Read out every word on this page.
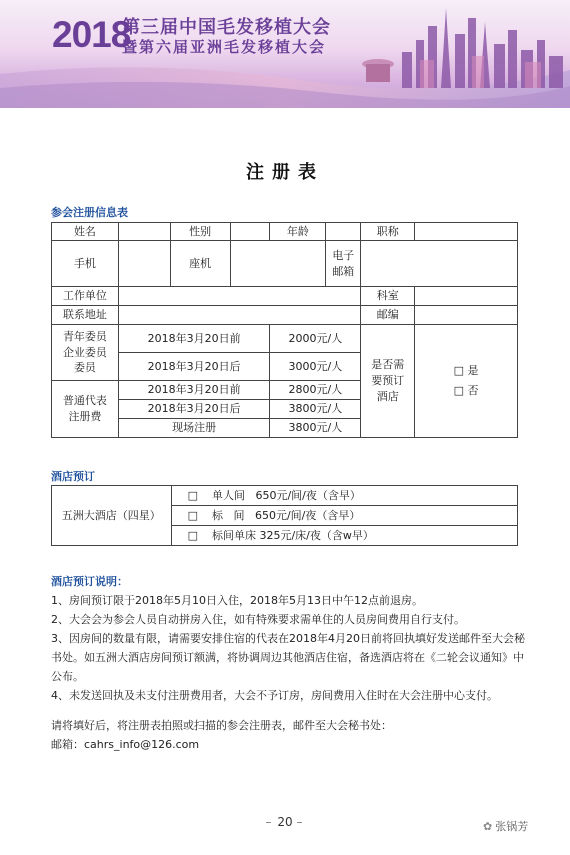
2018
第三届中国毛发移植大会
暨第六届亚洲毛发移植大会
注册表
参会注册信息表
姓名		性别		年龄		职称	
手机		座机			电子邮箱		
工作单位						科室	
联系地址						邮编	
青年委员企业委员委员	2018年3月20日前			2000元/人		是否需要预订酒店	□ 是
□ 否

	2018年3月20日后			3000元/人			
普通代表注册费	2018年3月20日前			2800元/人			
	2018年3月20日后			3800元/人			
	现场注册			3800元/人			
酒店预订
五洲大酒店（四星）	□    单人间   650元/间/夜（含早）
□    标   间   650元/间/夜（含早）
□    标间单床 325元/床/夜（含w早）

酒店预订说明：

1、房间预订限于2018年5月10日入住，2018年5月13日中午12点前退房。

2、大会会为参会人员自动拼房入住，如有特殊要求需单住的人员房间费用自行支付。

3、因房间的数量有限，请需要安排住宿的代表在2018年4月20日前将回执填好发送邮件至大会秘书处。如五洲大酒店房间预订额满，将协调周边其他酒店住宿，备选酒店将在《二轮会议通知》中公布。

4、未发送回执及未支付注册费用者，大会不予订房，房间费用入住时在大会注册中心支付。

请将填好后，将注册表拍照或扫描的参会注册表，邮件至大会秘书处：

邮箱：cahrs_info@126.com

– 20 –	✿ 张锅芳
